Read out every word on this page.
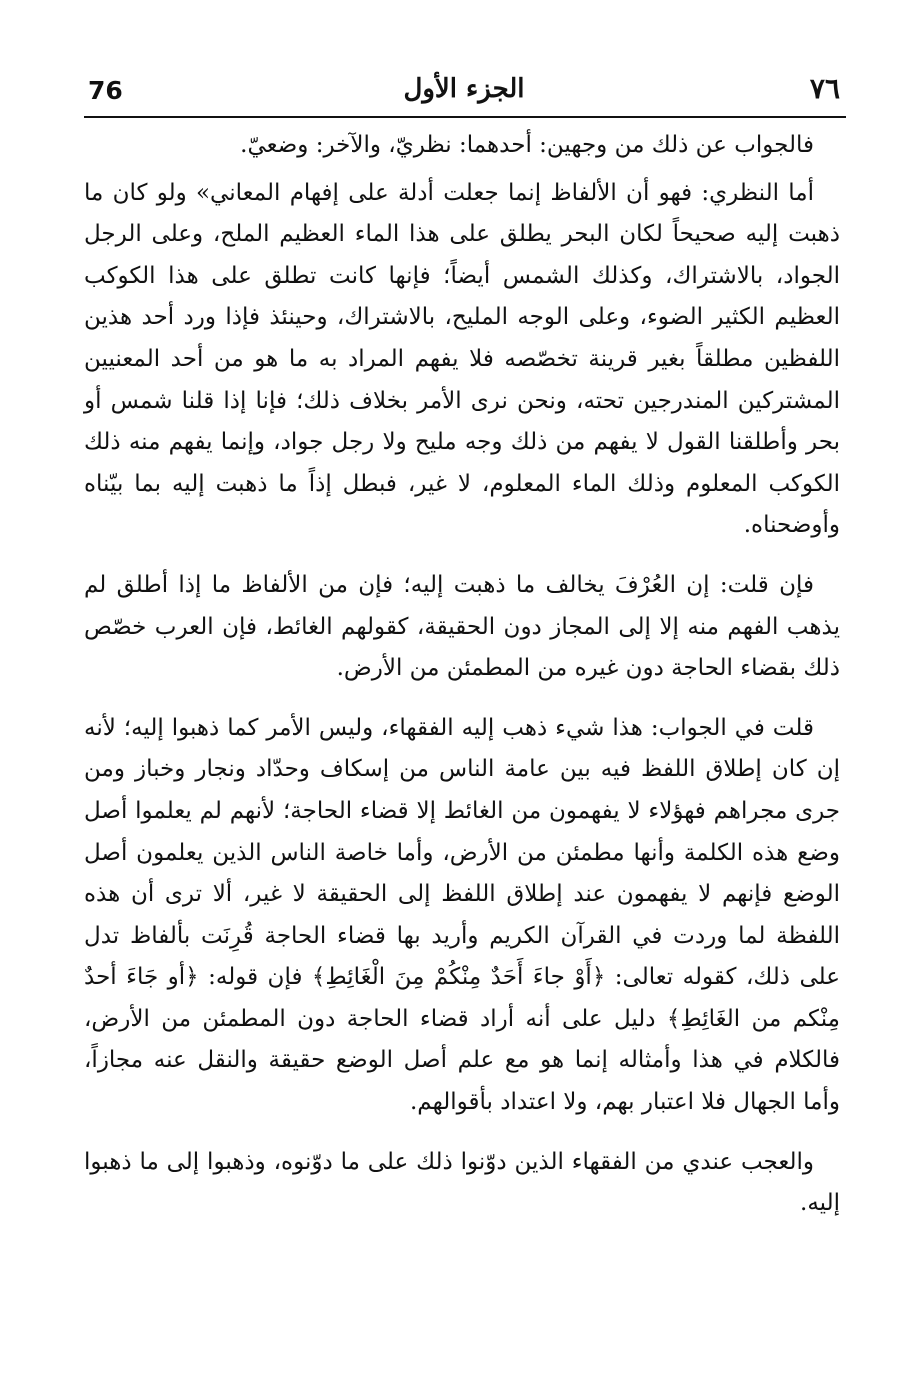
76	الجزء الأول	٧٦

فالجواب عن ذلك من وجهين: أحدهما: نظريّ، والآخر: وضعيّ.

أما النظري: فهو أن الألفاظ إنما جعلت أدلة على إفهام المعاني» ولو كان ما ذهبت إليه صحيحاً لكان البحر يطلق على هذا الماء العظيم الملح، وعلى الرجل الجواد، بالاشتراك، وكذلك الشمس أيضاً؛ فإنها كانت تطلق على هذا الكوكب العظيم الكثير الضوء، وعلى الوجه المليح، بالاشتراك، وحينئذ فإذا ورد أحد هذين اللفظين مطلقاً بغير قرينة تخصّصه فلا يفهم المراد به ما هو من أحد المعنيين المشتركين المندرجين تحته، ونحن نرى الأمر بخلاف ذلك؛ فإنا إذا قلنا شمس أو بحر وأطلقنا القول لا يفهم من ذلك وجه مليح ولا رجل جواد، وإنما يفهم منه ذلك الكوكب المعلوم وذلك الماء المعلوم، لا غير، فبطل إذاً ما ذهبت إليه بما بيّناه وأوضحناه.

فإن قلت: إن العُرْفَ يخالف ما ذهبت إليه؛ فإن من الألفاظ ما إذا أطلق لم يذهب الفهم منه إلا إلى المجاز دون الحقيقة، كقولهم الغائط، فإن العرب خصّص ذلك بقضاء الحاجة دون غيره من المطمئن من الأرض.

قلت في الجواب: هذا شيء ذهب إليه الفقهاء، وليس الأمر كما ذهبوا إليه؛ لأنه إن كان إطلاق اللفظ فيه بين عامة الناس من إسكاف وحدّاد ونجار وخباز ومن جرى مجراهم فهؤلاء لا يفهمون من الغائط إلا قضاء الحاجة؛ لأنهم لم يعلموا أصل وضع هذه الكلمة وأنها مطمئن من الأرض، وأما خاصة الناس الذين يعلمون أصل الوضع فإنهم لا يفهمون عند إطلاق اللفظ إلى الحقيقة لا غير، ألا ترى أن هذه اللفظة لما وردت في القرآن الكريم وأريد بها قضاء الحاجة قُرِنَت بألفاظ تدل على ذلك، كقوله تعالى: ﴿أَوْ جاءَ أَحَدٌ مِنْكُمْ مِنَ الْغَائِطِ﴾ فإن قوله: ﴿أو جَاءَ أحدٌ مِنْكم من الغَائِطِ﴾ دليل على أنه أراد قضاء الحاجة دون المطمئن من الأرض، فالكلام في هذا وأمثاله إنما هو مع علم أصل الوضع حقيقة والنقل عنه مجازاً، وأما الجهال فلا اعتبار بهم، ولا اعتداد بأقوالهم.

والعجب عندي من الفقهاء الذين دوّنوا ذلك على ما دوّنوه، وذهبوا إلى ما ذهبوا إليه.
